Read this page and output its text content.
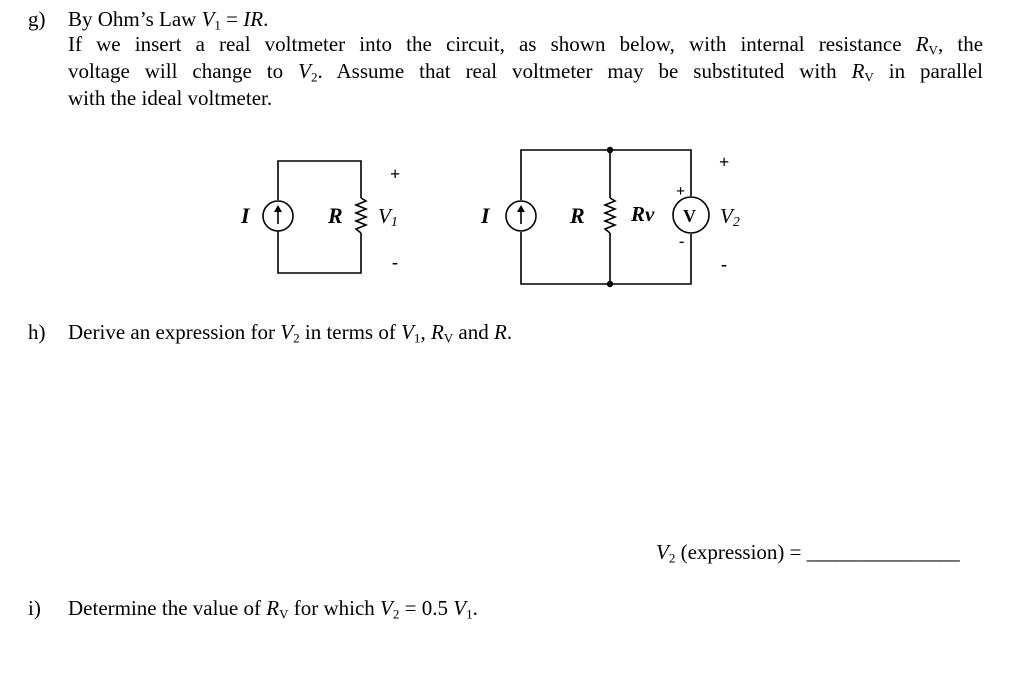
g) By Ohm’s Law $V_1$ = IR.
If we insert a real voltmeter into the circuit, as shown below, with internal resistance $R_V$, the
voltage will change to $V_2$. Assume that real voltmeter may be substituted with $R_V$ in parallel
with the ideal voltmeter.
I	R V1
+
-
I	R Rv V V2
+
-
+
-
h) Derive an expression for $V_2$ in terms of $V_1$, $R_V$ and R.
$V_2$ (expression) = ________________
i) Determine the value of $R_V$ for which $V_2 = 0.5$ $V_1$.
